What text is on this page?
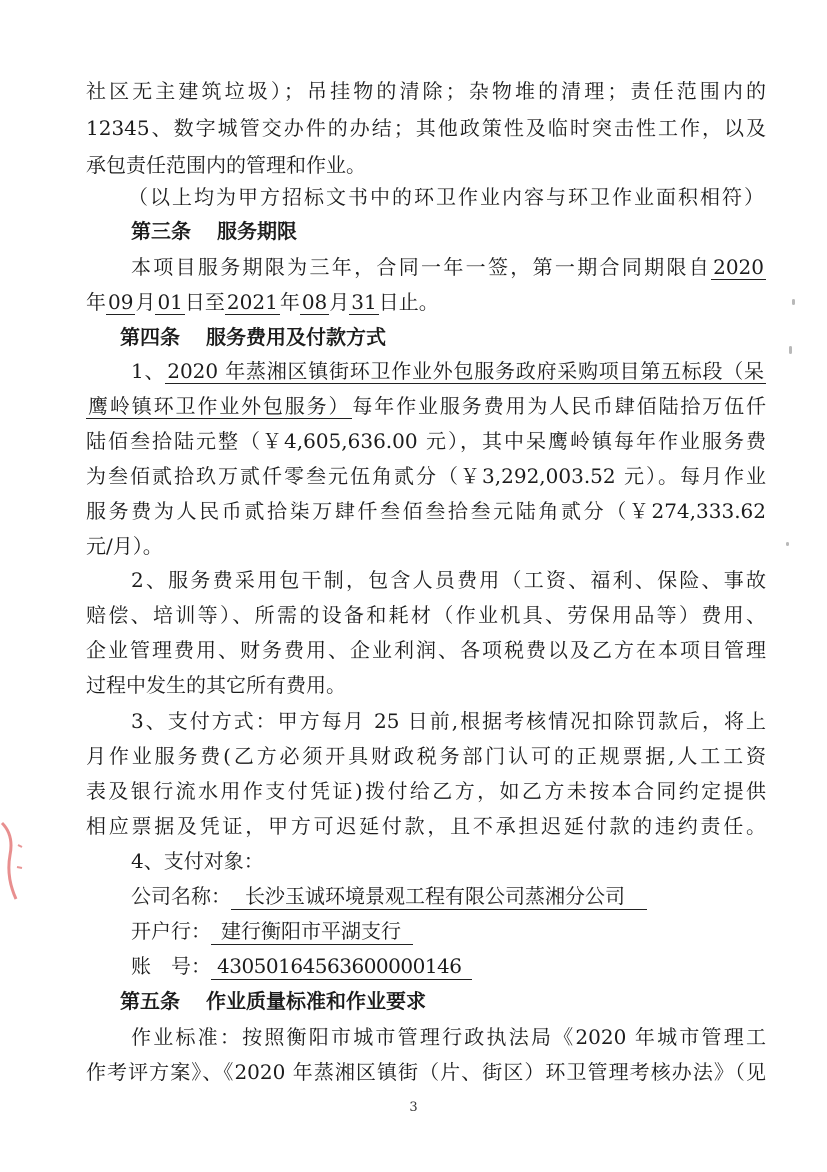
社区无主建筑垃圾）；吊挂物的清除；杂物堆的清理；责任范围内的
12345、数字城管交办件的办结；其他政策性及临时突击性工作，以及
承包责任范围内的管理和作业。
（以上均为甲方招标文书中的环卫作业内容与环卫作业面积相符）
第三条 服务期限
本项目服务期限为三年，合同一年一签，第一期合同期限自 2020
年 09 月 01 日至 2021 年 08 月 31 日止。
第四条 服务费用及付款方式
1、 2020 年蒸湘区镇街环卫作业外包服务政府采购项目第五标段（呆
鹰岭镇环卫作业外包服务） 每年作业服务费用为人民币肆佰陆拾万伍仟
陆佰叁拾陆元整（￥4,605,636.00 元），其中呆鹰岭镇每年作业服务费
为叁佰贰拾玖万贰仟零叁元伍角贰分（￥3,292,003.52 元）。每月作业
服务费为人民币贰拾柒万肆仟叁佰叁拾叁元陆角贰分（￥274,333.62
元/月）。
2、服务费采用包干制，包含人员费用（工资、福利、保险、事故
赔偿、培训等）、所需的设备和耗材（作业机具、劳保用品等）费用、
企业管理费用、财务费用、企业利润、各项税费以及乙方在本项目管理
过程中发生的其它所有费用。
3、支付方式：甲方每月 25 日前,根据考核情况扣除罚款后，将上
月作业服务费(乙方必须开具财政税务部门认可的正规票据,人工工资
表及银行流水用作支付凭证)拨付给乙方，如乙方未按本合同约定提供
相应票据及凭证，甲方可迟延付款，且不承担迟延付款的违约责任。
4、支付对象：
公司名称： 长沙玉诚环境景观工程有限公司蒸湘分公司
开户行： 建行衡阳市平湖支行
账　号： 430501645636000001​46
第五条 作业质量标准和作业要求
作业标准：按照衡阳市城市管理行政执法局《2020 年城市管理工
作考评方案》、《2020 年蒸湘区镇街（片、街区）环卫管理考核办法》（见
3
